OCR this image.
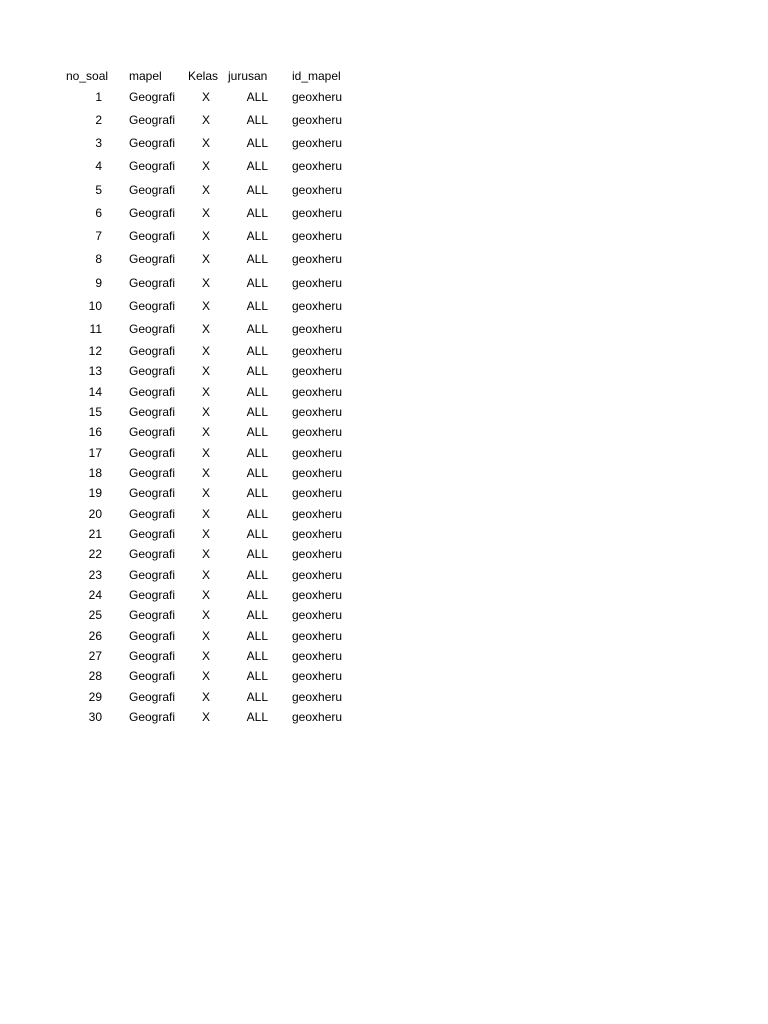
no_soal mapel Kelas jurusan id_mapel
1 Geografi	X	ALL geoxheru
2 Geografi	X	ALL geoxheru
3 Geografi	X	ALL geoxheru
4 Geografi	X	ALL geoxheru
5 Geografi	X	ALL geoxheru
6 Geografi	X	ALL geoxheru
7 Geografi	X	ALL geoxheru
8 Geografi	X	ALL geoxheru
9 Geografi	X	ALL geoxheru
10 Geografi	X	ALL geoxheru
11 Geografi	X	ALL geoxheru
12 Geografi	X	ALL geoxheru
13 Geografi	X	ALL geoxheru
14 Geografi	X	ALL geoxheru
15 Geografi	X	ALL geoxheru
16 Geografi	X	ALL geoxheru
17 Geografi	X	ALL geoxheru
18 Geografi	X	ALL geoxheru
19 Geografi	X	ALL geoxheru
20 Geografi	X	ALL geoxheru
21 Geografi	X	ALL geoxheru
22 Geografi	X	ALL geoxheru
23 Geografi	X	ALL geoxheru
24 Geografi	X	ALL geoxheru
25 Geografi	X	ALL geoxheru
26 Geografi	X	ALL geoxheru
27 Geografi	X	ALL geoxheru
28 Geografi	X	ALL geoxheru
29 Geografi	X	ALL geoxheru
30 Geografi	X	ALL geoxheru
